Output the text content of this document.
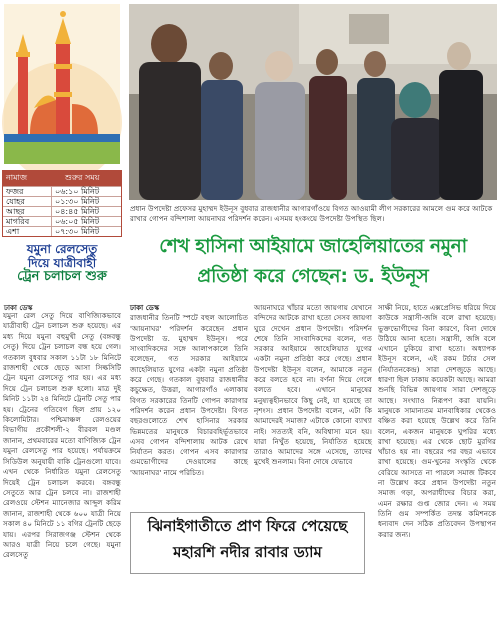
নামাজ	শুরুর সময়
ফজর	০৬:১০ মিনিট
যোহর	০১:৩০ মিনিট
আছর	০৪:৪৫ মিনিট
মাগরিব	০৬:০৫ মিনিট
এশা	০৭:৩০ মিনিট
যমুনা রেলসেতু
দিয়ে যাত্রীবাহী
ট্রেন চলাচল শুরু
ঢাকা ডেস্ক
যমুনা রেল সেতু দিয়ে বাণিজ্যিকভাবে যাত্রীবাহী ট্রেন চলাচল শুরু হয়েছে। এর মধ্য দিয়ে যমুনা বহুমুখী সেতু (বঙ্গবন্ধু সেতু) দিয়ে ট্রেন চলাচল বন্ধ হয়ে গেল। গতকাল বুধবার সকাল ১১টা ১৮ মিনিটে রাজশাহী থেকে ছেড়ে আসা সিল্কসিটি ট্রেন যমুনা রেলসেতু পার হয়। এর মধ্য দিয়ে ট্রেন চলাচল শুরু হলো। মাত্র দুই মিনিট ১১টা ২৪ মিনিটে ট্রেনটি সেতু পার হয়। ট্রেনের গতিবেগ ছিল প্রায় ১২০ কিলোমিটার। পশ্চিমাঞ্চল রেলওয়ের বিভাগীয় প্রকৌশলী-২ বীরবল মণ্ডল জানান, প্রথমবারের মতো বাণিজ্যিক ট্রেন যমুনা রেলসেতু পার হয়েছে। পর্যায়ক্রমে সিডিউল অনুযায়ী বাকি ট্রেনগুলো যাবে। এখন থেকে নির্ধারিত যমুনা রেলসেতু দিয়েই ট্রেন চলাচল করবে। বঙ্গবন্ধু সেতুতে আর ট্রেন চলবে না। রাজশাহী রেলওয়ে স্টেশন ম্যানেজার আব্দুল করিম জানান, রাজশাহী থেকে ৬০০ যাত্রী নিয়ে সকাল ৪০ মিনিটে ১১ বগির ট্রেনটি ছেড়ে যায়। এরপর সিরাজগঞ্জ স্টেশন থেকে আরও যাত্রী নিয়ে চলে গেছে। যমুনা রেলসেতু
প্রধান উপদেষ্টা প্রফেসর মুহাম্মদ ইউনূস বুধবার রাজধানীর আগারগাঁওয়ে বিগত আওয়ামী লীগ সরকারের আমলে গুম করে আটকে রাখার গোপন বন্দিশালা আয়নাঘর পরিদর্শন করেন। এসময় হংকংয়ে উপদেষ্টা উপস্থিত ছিল।
শেখ হাসিনা আইয়ামে জাহেলিয়াতের নমুনা
প্রতিষ্ঠা করে গেছেন: ড. ইউনূস
ঢাকা ডেস্ক
রাজধানীর তিনটি স্পটে বহুল আলোচিত 'আয়নাঘর' পরিদর্শন করেছেন প্রধান উপদেষ্টা ড. মুহাম্মদ ইউনূস। পরে সাংবাদিকদের সঙ্গে আলাপকালে তিনি বলেছেন, গত সরকার আইয়ামে জাহেলিয়াত যুগের একটা নমুনা প্রতিষ্ঠা করে গেছে। গতকাল বুধবার রাজধানীর কচুক্ষেত, উত্তরা, আগারগাঁও এলাকায় বিগত সরকারের তিনটি গোপন কারাগার পরিদর্শন করেন প্রধান উপদেষ্টা। বিগত বছরগুলোতে শেখ হাসিনার সরকার ভিন্নমতের মানুষকে বিচারবহির্ভূতভাবে এসব গোপন বন্দিশালায় আটক রেখে নির্যাতন করত। গোপন এসব কারাগার গুমভোগীদের দেওয়ালের কাছে 'আয়নাঘর' নামে পরিচিত।
আয়নাঘরে খাঁচার মতো জায়গায় যেখানে বন্দিদের আটকে রাখা হতো সেসব জায়গা ঘুরে দেখেন প্রধান উপদেষ্টা। পরিদর্শন শেষে তিনি সাংবাদিকদের বলেন, গত সরকার আইয়ামে জাহেলিয়াত যুগের একটা নমুনা প্রতিষ্ঠা করে গেছে। প্রধান উপদেষ্টা ইউনূস বলেন, আমাকে নতুন করে বলতে হবে না। বর্ণনা দিয়ে গেলে বলতে হবে। এখানে মানুষের মনুষ্যত্বহীনভাবে কিছু নেই, যা হয়েছে তা নৃশংস। প্রধান উপদেষ্টা বলেন, এটা কি আমাদেরই সমাজ? এটাকে কোনো ব্যাখ্যা নাই। সতত্যই বনি, অবিশ্বাস্য মনে হয়। যারা নিখুঁত হয়েছে, নির্যাতিত হয়েছে তারাও আমাদের সঙ্গে এসেছে, তাদের মুখেই শুনলাম। বিনা দোষে যেভাবে
সাক্ষী নিয়ে, হাতে এক্সপ্রেসিভ ধরিয়ে দিয়ে কাউকে সন্ত্রাসী-জঙ্গি বলে রাখা হয়েছে। ভুক্তভোগীদের বিনা কারণে, বিনা দোষে উঠিয়ে আনা হতো। সন্ত্রাসী, জঙ্গি বলে এখানে ঢুকিয়ে রাখা হতো। অধ্যাপক ইউনূস বলেন, এই রকম টর্চার সেল (নির্যাতনকেন্দ্র) সারা দেশজুড়ে আছে। ধারণা ছিল ঢাকায় কয়েকটা আছে। আমরা শুনছি বিভিন্ন জায়গায় সারা দেশজুড়ে আছে। সংখ্যাও নিরূপণ করা যায়নি। মানুষকে সামান্যতম মানবাধিকার থেকেও বঞ্চিত করা হয়েছে উল্লেখ করে তিনি বলেন, একজন মানুষকে ঘুপরির মধ্যে রাখা হয়েছে। এর থেকে ছোট মুরগির খাঁচাও হয় না। বছরের পর বছর এভাবে রাখা হয়েছে। গুম-খুনের সংস্কৃতি থেকে বেরিয়ে আসতে না পারলে সমাজ টিকবে না উল্লেখ করে প্রধান উপদেষ্টা নতুন সমাজ গড়া, অপরাধীদের বিচার করা, এমন রক্ষার গুপ্ত জোর দেন। এ সময় তিনি গুম সম্পর্কিত তদন্ত কমিশনকে ধন্যবাদ দেন সঠিক প্রতিবেদন উপস্থাপন করার জন্য।
ঝিনাইগাতীতে প্রাণ ফিরে পেয়েছে
মহারশি নদীর রাবার ড্যাম
